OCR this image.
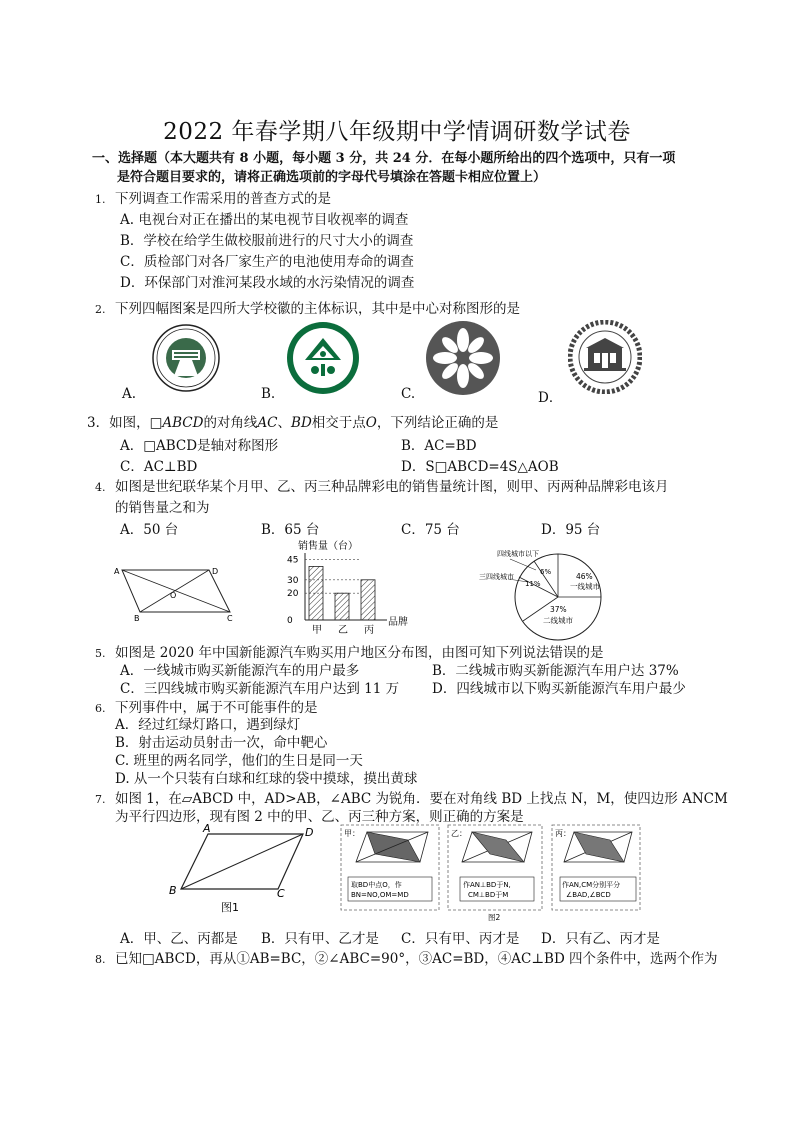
2022 年春学期八年级期中学情调研数学试卷
一、选择题（本大题共有 8 小题，每小题 3 分，共 24 分．在每小题所给出的四个选项中，只有一项
是符合题目要求的，请将正确选项前的字母代号填涂在答题卡相应位置上）
1. 下列调查工作需采用的普查方式的是
A. 电视台对正在播出的某电视节目收视率的调查
B．学校在给学生做校服前进行的尺寸大小的调查
C．质检部门对各厂家生产的电池使用寿命的调查
D．环保部门对淮河某段水域的水污染情况的调查
2. 下列四幅图案是四所大学校徽的主体标识，其中是中心对称图形的是
A.	B.	C.	D．
3．如图，□ABCD的对角线AC、BD相交于点O，下列结论正确的是
A．□ABCD是轴对称图形	B．AC=BD
C．AC⊥BD	D．S□ABCD=4S△AOB
4. 如图是世纪联华某个月甲、乙、丙三种品牌彩电的销售量统计图，则甲、丙两种品牌彩电该月
的销售量之和为
A．50 台	B．65 台	C．75 台	D．95 台
A	D
B	C
O
销售量（台）
品牌
45
30
20
0
甲 乙 丙
四线城市以下
三四线城市	46%
一线城市
37%
二线城市
11%
6%
5. 如图是 2020 年中国新能源汽车购买用户地区分布图，由图可知下列说法错误的是
A．一线城市购买新能源汽车的用户最多	B．二线城市购买新能源汽车用户达 37%
C．三四线城市购买新能源汽车用户达到 11 万 D．四线城市以下购买新能源汽车用户最少
6. 下列事件中，属于不可能事件的是
A．经过红绿灯路口，遇到绿灯
B．射击运动员射击一次，命中靶心
C. 班里的两名同学，他们的生日是同一天
D. 从一个只装有白球和红球的袋中摸球，摸出黄球
7. 如图 1，在▱ABCD 中，AD>AB，∠ABC 为锐角．要在对角线 BD 上找点 N，M，使四边形 ANCM
为平行四边形，现有图 2 中的甲、乙、丙三种方案，则正确的方案是
A	D
B	C
图1
甲：
取BD中点O，作
BN=NO,OM=MD
乙：
作AN⊥BD于N,
CM⊥BD于M
丙：
作AN,CM分别平分
∠BAD,∠BCD
图2
A．甲、乙、丙都是 B．只有甲、乙才是 C．只有甲、丙才是 D．只有乙、丙才是
8. 已知□ABCD，再从①AB=BC，②∠ABC=90°，③AC=BD，④AC⊥BD 四个条件中，选两个作为
